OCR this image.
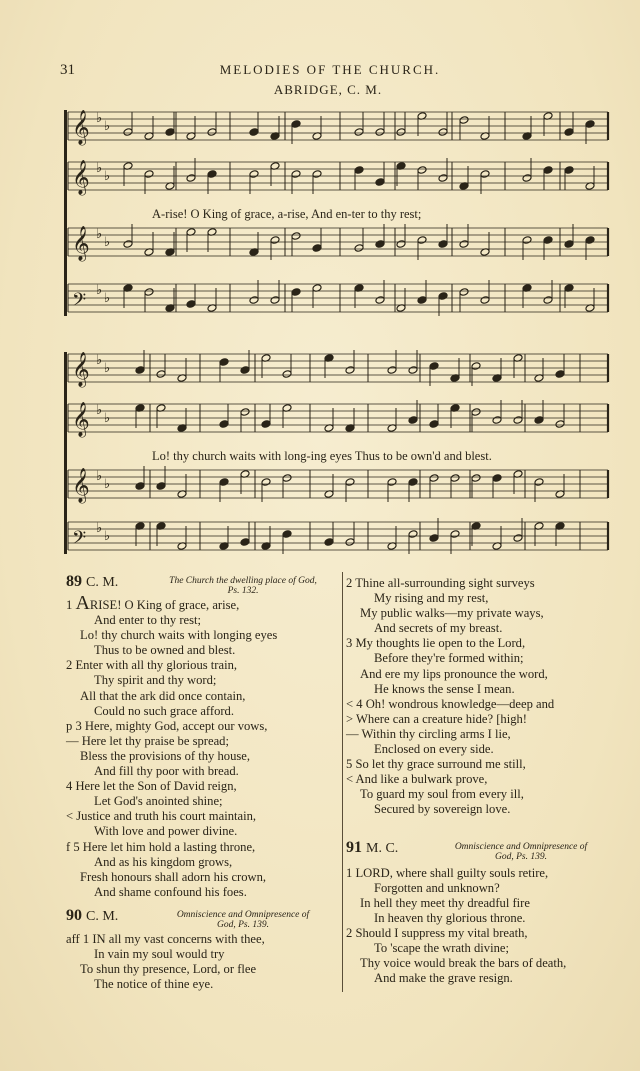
31	MELODIES OF THE CHURCH.
ABRIDGE, C. M.
𝄞 ♭
♭
𝄞 ♭
♭
𝄞 ♭
♭
𝄢 ♭
♭
𝄞 ♭
♭
𝄞 ♭
♭
𝄞 ♭
♭
𝄢 ♭
♭
A-rise! O King of grace, a-rise, And en-ter to thy rest;
Lo! thy church waits with long-ing eyes Thus to be own'd and blest.
89 C. M.	The Church the dwelling place of God,
Ps. 132.
1 ARISE! O King of grace, arise,
And enter to thy rest;
Lo! thy church waits with longing eyes
Thus to be owned and blest.
2 Enter with all thy glorious train,
Thy spirit and thy word;
All that the ark did once contain,
Could no such grace afford.
p 3 Here, mighty God, accept our vows,
— Here let thy praise be spread;
Bless the provisions of thy house,
And fill thy poor with bread.
4 Here let the Son of David reign,
Let God's anointed shine;
< Justice and truth his court maintain,
With love and power divine.
f 5 Here let him hold a lasting throne,
And as his kingdom grows,
Fresh honours shall adorn his crown,
And shame confound his foes.
90 C. M.	Omniscience and Omnipresence of
God, Ps. 139.
aff 1 IN all my vast concerns with thee,
In vain my soul would try
To shun thy presence, Lord, or flee
The notice of thine eye.
2 Thine all-surrounding sight surveys
My rising and my rest,
My public walks—my private ways,
And secrets of my breast.
3 My thoughts lie open to the Lord,
Before they're formed within;
And ere my lips pronounce the word,
He knows the sense I mean.
< 4 Oh! wondrous knowledge—deep and
> Where can a creature hide? [high!
— Within thy circling arms I lie,
Enclosed on every side.
5 So let thy grace surround me still,
< And like a bulwark prove,
To guard my soul from every ill,
Secured by sovereign love.
91 M. C.	Omniscience and Omnipresence of
God, Ps. 139.
1 LORD, where shall guilty souls retire,
Forgotten and unknown?
In hell they meet thy dreadful fire
In heaven thy glorious throne.
2 Should I suppress my vital breath,
To 'scape the wrath divine;
Thy voice would break the bars of death,
And make the grave resign.
